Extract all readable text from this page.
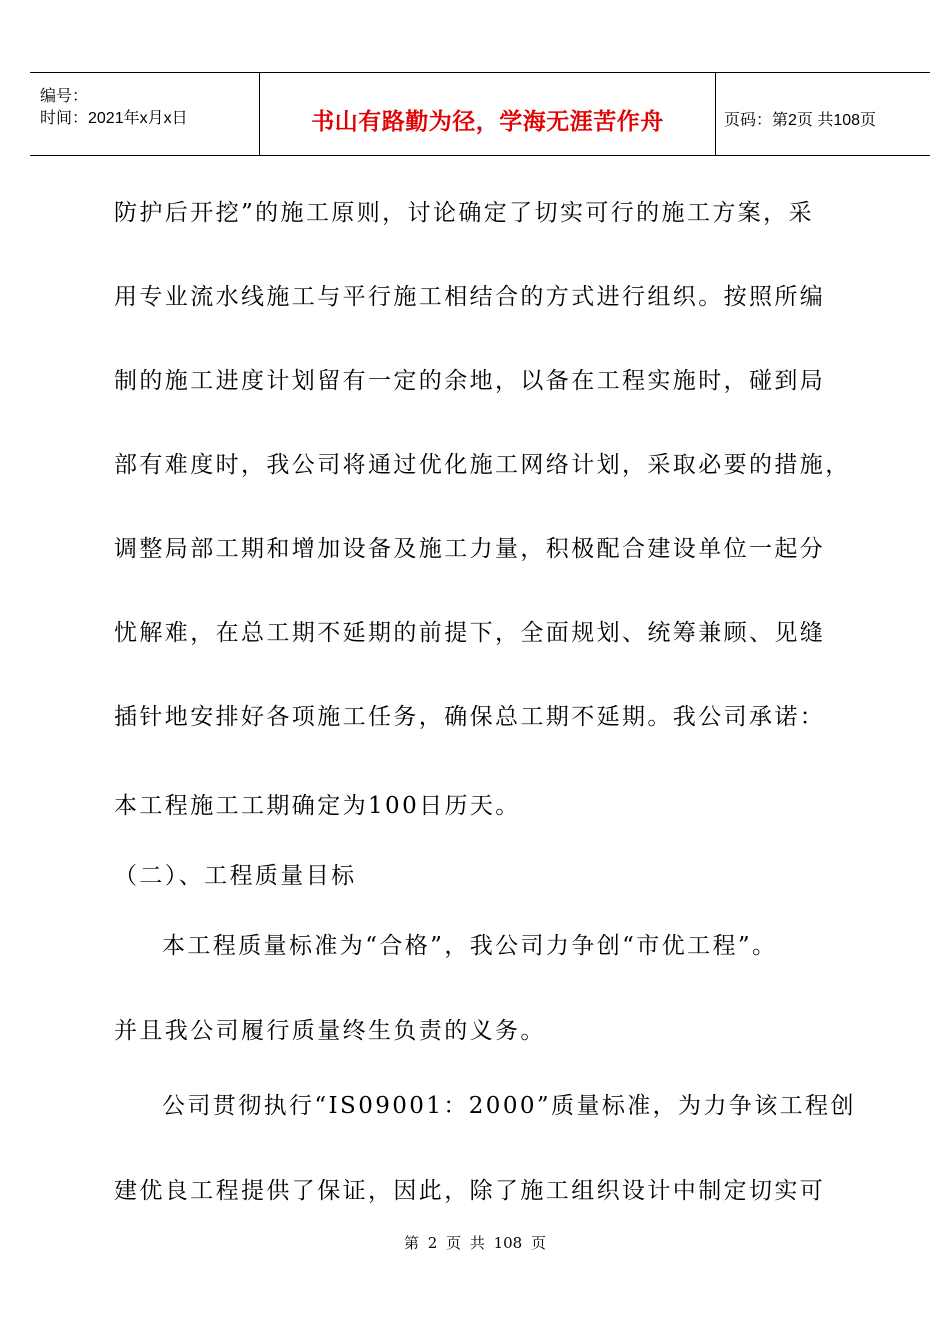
编号：
时间：2021年x月x日	书山有路勤为径，学海无涯苦作舟	页码：第2页 共108页
防护后开挖”的施工原则，讨论确定了切实可行的施工方案，采
用专业流水线施工与平行施工相结合的方式进行组织。按照所编
制的施工进度计划留有一定的余地，以备在工程实施时，碰到局
部有难度时，我公司将通过优化施工网络计划，采取必要的措施，
调整局部工期和增加设备及施工力量，积极配合建设单位一起分
忧解难，在总工期不延期的前提下，全面规划、统筹兼顾、见缝
插针地安排好各项施工任务，确保总工期不延期。我公司承诺：
本工程施工工期确定为100日历天。
（二）、工程质量目标
本工程质量标准为“合格”，我公司力争创“市优工程”。
并且我公司履行质量终生负责的义务。
公司贯彻执行“IS09001：2000”质量标准，为力争该工程创
建优良工程提供了保证，因此，除了施工组织设计中制定切实可
第 2 页 共 108 页
